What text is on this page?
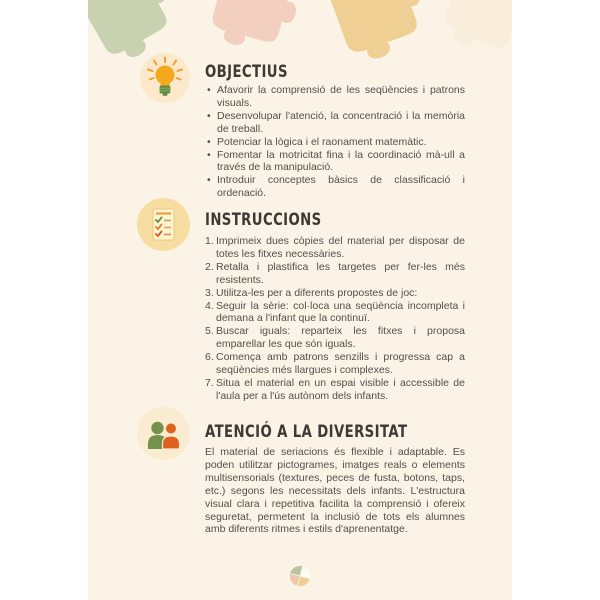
OBJECTIUS
• Afavorir la comprensió de les seqüències i patrons visuals.
• Desenvolupar l'atenció, la concentració i la memòria de treball.
• Potenciar la lògica i el raonament matemàtic.
• Fomentar la motricitat fina i la coordinació mà-ull a través de la manipulació.
• Introduir conceptes bàsics de classificació i ordenació.
INSTRUCCIONS
Imprimeix dues còpies del material per disposar de totes les fitxes necessàries.
Retalla i plastifica les targetes per fer-les més resistents.
Utilitza-les per a diferents propostes de joc:
Seguir la sèrie: col·loca una seqüència incompleta i demana a l'infant que la continuï.
Buscar iguals: reparteix les fitxes i proposa emparellar les que són iguals.
Comença amb patrons senzills i progressa cap a seqüències més llargues i complexes.
Situa el material en un espai visible i accessible de l'aula per a l'ús autònom dels infants.
ATENCIÓ A LA DIVERSITAT

El material de seriacions és flexible i adaptable. Es poden utilitzar pictogrames, imatges reals o elements multisensorials (textures, peces de fusta, botons, taps, etc.) segons les necessitats dels infants. L'estructura visual clara i repetitiva facilita la comprensió i ofereix seguretat, permetent la inclusió de tots els alumnes amb diferents ritmes i estils d'aprenentatge.
